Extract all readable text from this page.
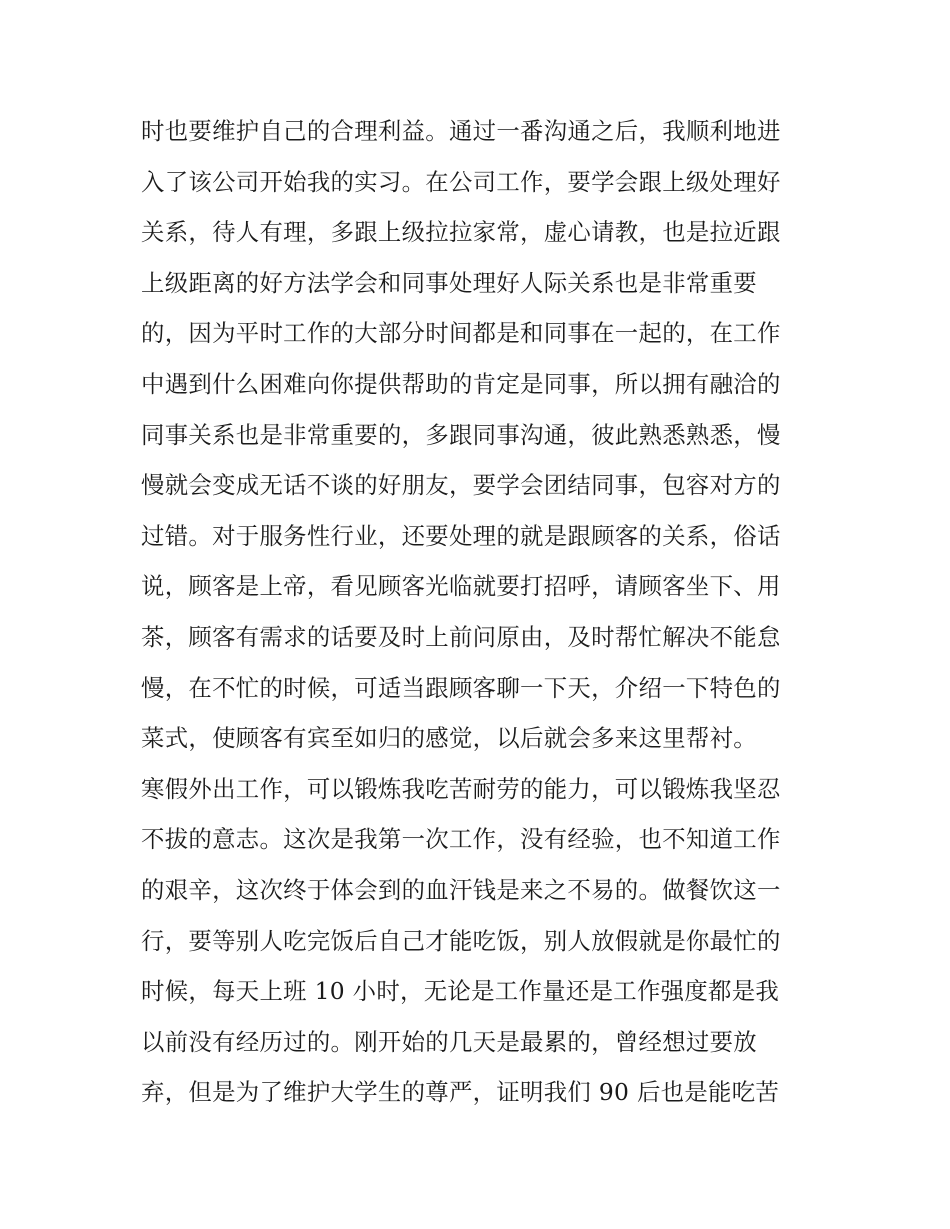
时也要维护自己的合理利益。通过一番沟通之后，我顺利地进
入了该公司开始我的实习。在公司工作，要学会跟上级处理好
关系，待人有理，多跟上级拉拉家常，虚心请教，也是拉近跟
上级距离的好方法学会和同事处理好人际关系也是非常重要
的，因为平时工作的大部分时间都是和同事在一起的，在工作
中遇到什么困难向你提供帮助的肯定是同事，所以拥有融洽的
同事关系也是非常重要的，多跟同事沟通，彼此熟悉熟悉，慢
慢就会变成无话不谈的好朋友，要学会团结同事，包容对方的
过错。对于服务性行业，还要处理的就是跟顾客的关系，俗话
说，顾客是上帝，看见顾客光临就要打招呼，请顾客坐下、用
茶，顾客有需求的话要及时上前问原由，及时帮忙解决不能怠
慢，在不忙的时候，可适当跟顾客聊一下天，介绍一下特色的
菜式，使顾客有宾至如归的感觉，以后就会多来这里帮衬。
寒假外出工作，可以锻炼我吃苦耐劳的能力，可以锻炼我坚忍
不拔的意志。这次是我第一次工作，没有经验，也不知道工作
的艰辛，这次终于体会到的血汗钱是来之不易的。做餐饮这一
行，要等别人吃完饭后自己才能吃饭，别人放假就是你最忙的
时候，每天上班 10 小时，无论是工作量还是工作强度都是我
以前没有经历过的。刚开始的几天是最累的，曾经想过要放
弃，但是为了维护大学生的尊严，证明我们 90 后也是能吃苦
